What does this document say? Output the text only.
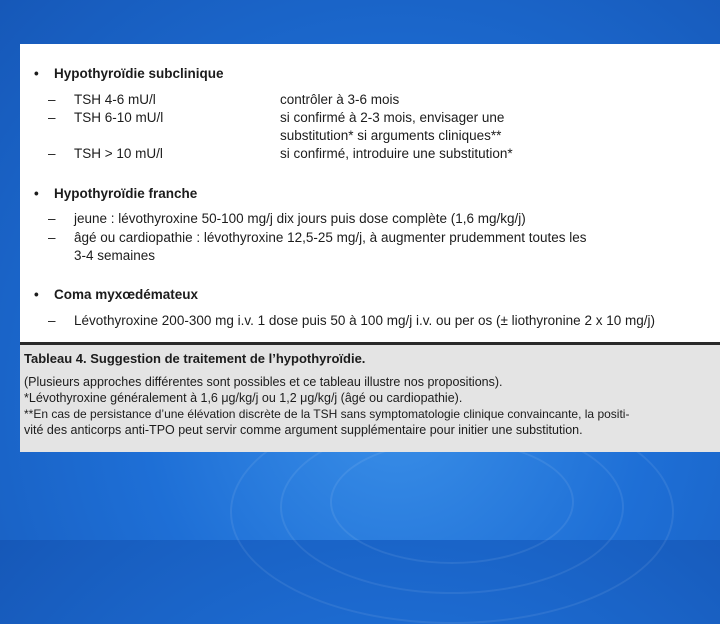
• Hypothyroïdie subclinique
– TSH 4-6 mU/l	contrôler à 3-6 mois
– TSH 6-10 mU/l	si confirmé à 2-3 mois, envisager une
substitution* si arguments cliniques**
– TSH > 10 mU/l	si confirmé, introduire une substitution*
• Hypothyroïdie franche
– jeune : lévothyroxine 50-100 mg/j dix jours puis dose complète (1,6 mg/kg/j)
– âgé ou cardiopathie : lévothyroxine 12,5-25 mg/j, à augmenter prudemment toutes les
3-4 semaines
• Coma myxœdémateux
– Lévothyroxine 200-300 mg i.v. 1 dose puis 50 à 100 mg/j i.v. ou per os (± liothyronine 2 x 10 mg/j)
Tableau 4. Suggestion de traitement de l’hypothyroïdie.
(Plusieurs approches différentes sont possibles et ce tableau illustre nos propositions).
*Lévothyroxine généralement à 1,6 μg/kg/j ou 1,2 μg/kg/j (âgé ou cardiopathie).
**En cas de persistance d’une élévation discrète de la TSH sans symptomatologie clinique convaincante, la positi-
vité des anticorps anti-TPO peut servir comme argument supplémentaire pour initier une substitution.
